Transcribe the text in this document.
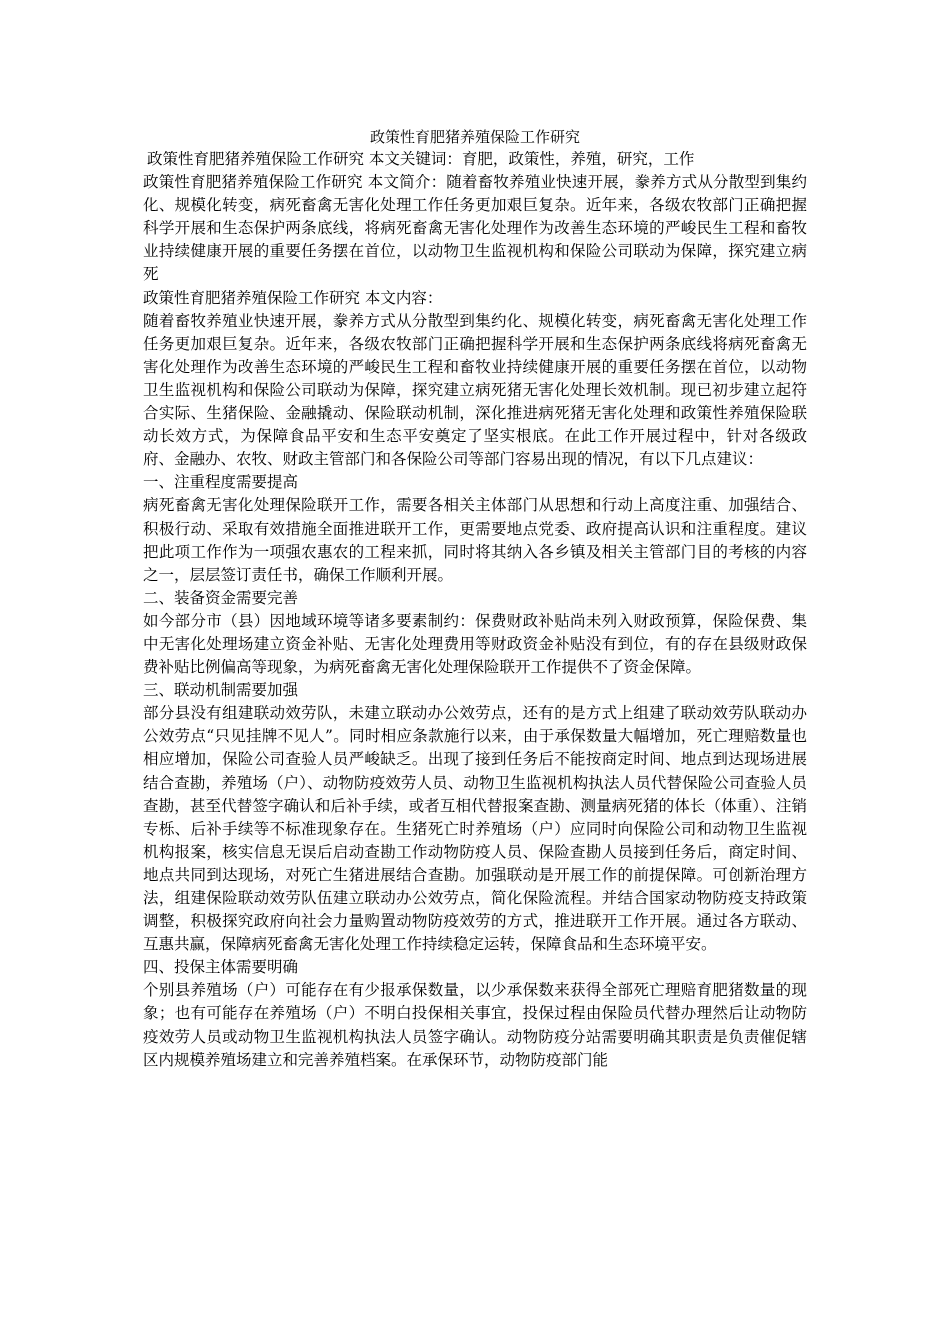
政策性育肥猪养殖保险工作研究

政策性育肥猪养殖保险工作研究 本文关键词：育肥，政策性，养殖，研究，工作

政策性育肥猪养殖保险工作研究 本文简介：随着畜牧养殖业快速开展，豢养方式从分散型到集约化、规模化转变，病死畜禽无害化处理工作任务更加艰巨复杂。近年来，各级农牧部门正确把握科学开展和生态保护两条底线，将病死畜禽无害化处理作为改善生态环境的严峻民生工程和畜牧业持续健康开展的重要任务摆在首位，以动物卫生监视机构和保险公司联动为保障，探究建立病死

政策性育肥猪养殖保险工作研究 本文内容：

随着畜牧养殖业快速开展，豢养方式从分散型到集约化、规模化转变，病死畜禽无害化处理工作任务更加艰巨复杂。近年来，各级农牧部门正确把握科学开展和生态保护两条底线将病死畜禽无害化处理作为改善生态环境的严峻民生工程和畜牧业持续健康开展的重要任务摆在首位，以动物卫生监视机构和保险公司联动为保障，探究建立病死猪无害化处理长效机制。现已初步建立起符合实际、生猪保险、金融撬动、保险联动机制，深化推进病死猪无害化处理和政策性养殖保险联动长效方式，为保障食品平安和生态平安奠定了坚实根底。在此工作开展过程中，针对各级政府、金融办、农牧、财政主管部门和各保险公司等部门容易出现的情况，有以下几点建议：

一、注重程度需要提高

病死畜禽无害化处理保险联开工作，需要各相关主体部门从思想和行动上高度注重、加强结合、积极行动、采取有效措施全面推进联开工作，更需要地点党委、政府提高认识和注重程度。建议把此项工作作为一项强农惠农的工程来抓，同时将其纳入各乡镇及相关主管部门目的考核的内容之一，层层签订责任书，确保工作顺利开展。

二、装备资金需要完善

如今部分市（县）因地域环境等诸多要素制约：保费财政补贴尚未列入财政预算，保险保费、集中无害化处理场建立资金补贴、无害化处理费用等财政资金补贴没有到位，有的存在县级财政保费补贴比例偏高等现象，为病死畜禽无害化处理保险联开工作提供不了资金保障。

三、联动机制需要加强

部分县没有组建联动效劳队，未建立联动办公效劳点，还有的是方式上组建了联动效劳队联动办公效劳点“只见挂牌不见人”。同时相应条款施行以来，由于承保数量大幅增加，死亡理赔数量也相应增加，保险公司查验人员严峻缺乏。出现了接到任务后不能按商定时间、地点到达现场进展结合查勘，养殖场（户）、动物防疫效劳人员、动物卫生监视机构执法人员代替保险公司查验人员查勘，甚至代替签字确认和后补手续，或者互相代替报案查勘、测量病死猪的体长（体重）、注销专栎、后补手续等不标准现象存在。生猪死亡时养殖场（户）应同时向保险公司和动物卫生监视机构报案，核实信息无误后启动查勘工作动物防疫人员、保险查勘人员接到任务后，商定时间、地点共同到达现场，对死亡生猪进展结合查勘。加强联动是开展工作的前提保障。可创新治理方法，组建保险联动效劳队伍建立联动办公效劳点，简化保险流程。并结合国家动物防疫支持政策调整，积极探究政府向社会力量购置动物防疫效劳的方式，推进联开工作开展。通过各方联动、互惠共赢，保障病死畜禽无害化处理工作持续稳定运转，保障食品和生态环境平安。

四、投保主体需要明确

个别县养殖场（户）可能存在有少报承保数量，以少承保数来获得全部死亡理赔育肥猪数量的现象；也有可能存在养殖场（户）不明白投保相关事宜，投保过程由保险员代替办理然后让动物防疫效劳人员或动物卫生监视机构执法人员签字确认。动物防疫分站需要明确其职责是负责催促辖区内规模养殖场建立和完善养殖档案。在承保环节，动物防疫部门能
